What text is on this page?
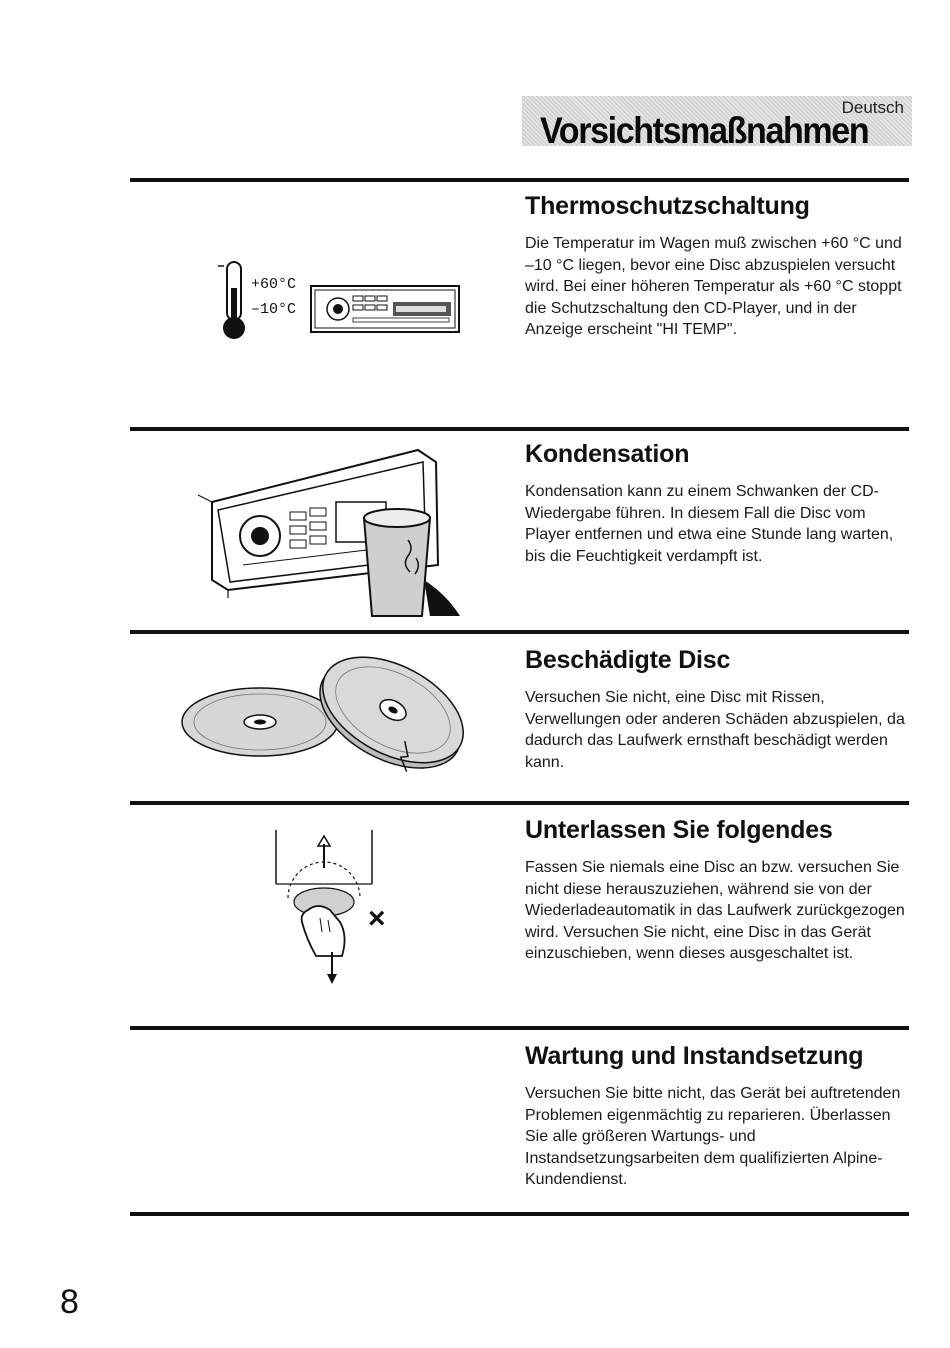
Deutsch
Vorsichtsmaßnahmen
+60°C
–10°C
Thermoschutzschaltung

Die Temperatur im Wagen muß zwischen +60 °C und –10 °C liegen, bevor eine Disc abzuspielen versucht wird. Bei einer höheren Temperatur als +60 °C stoppt die Schutzschaltung den CD-Player, und in der Anzeige erscheint "HI TEMP".

Kondensation

Kondensation kann zu einem Schwanken der CD-Wiedergabe führen. In diesem Fall die Disc vom Player entfernen und etwa eine Stunde lang warten, bis die Feuchtigkeit verdampft ist.

Beschädigte Disc

Versuchen Sie nicht, eine Disc mit Rissen, Verwellungen oder anderen Schäden abzuspielen, da dadurch das Laufwerk ernsthaft beschädigt werden kann.

×
Unterlassen Sie folgendes

Fassen Sie niemals eine Disc an bzw. versuchen Sie nicht diese herauszuziehen, während sie von der Wiederladeautomatik in das Laufwerk zurückgezogen wird. Versuchen Sie nicht, eine Disc in das Gerät einzuschieben, wenn dieses ausgeschaltet ist.

Wartung und Instandsetzung

Versuchen Sie bitte nicht, das Gerät bei auftretenden Problemen eigenmächtig zu reparieren. Überlassen Sie alle größeren Wartungs- und Instandsetzungsarbeiten dem qualifizierten Alpine-Kundendienst.

8
